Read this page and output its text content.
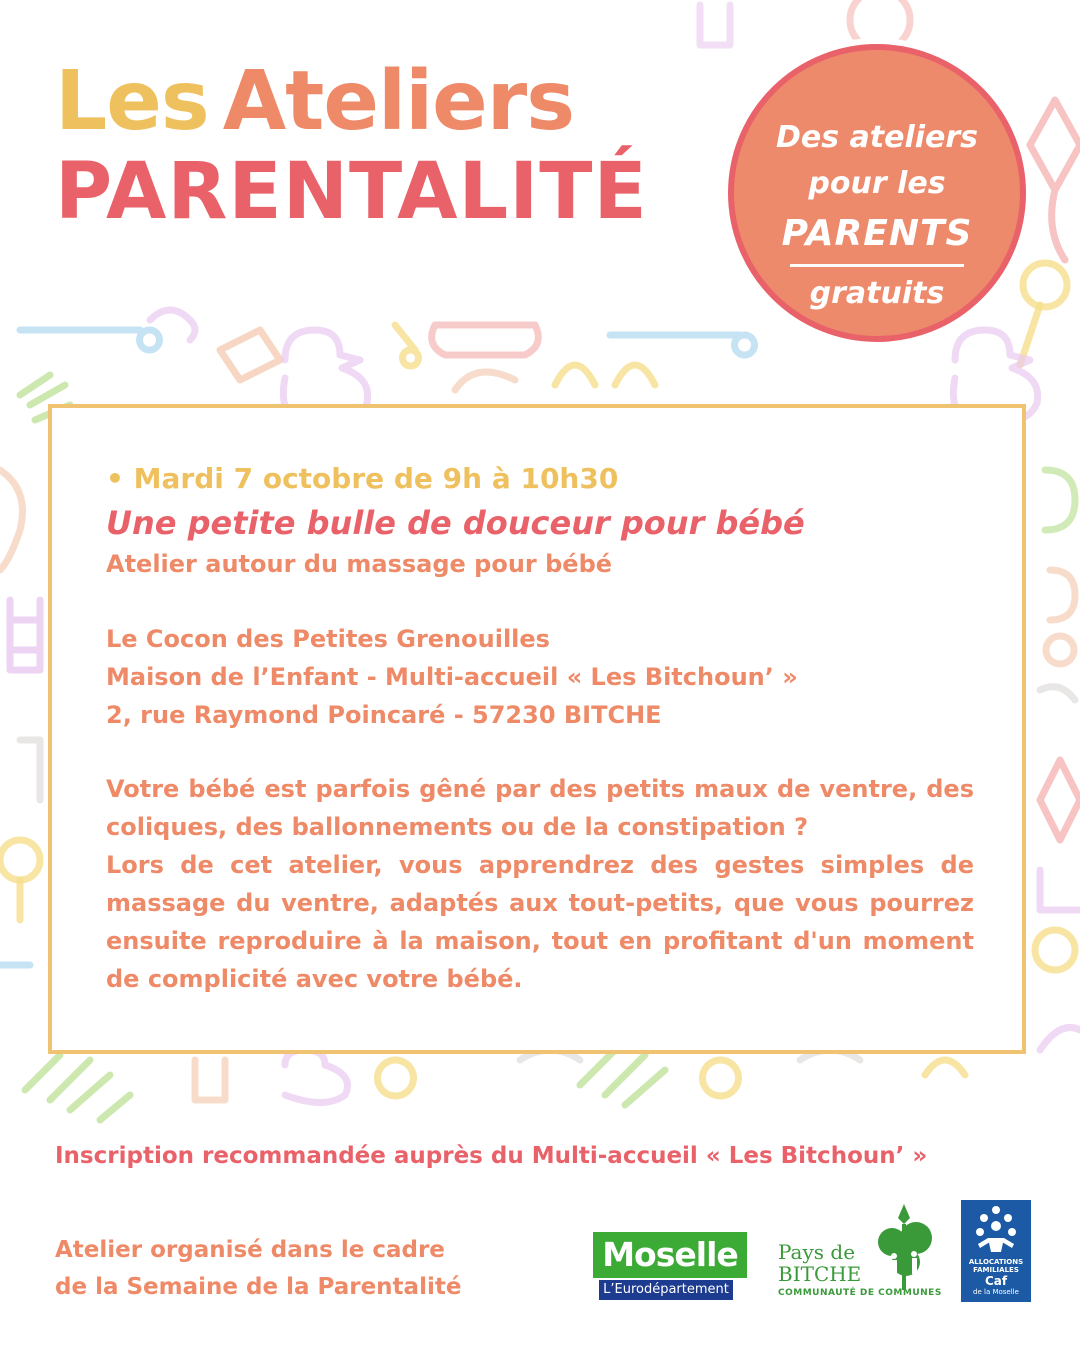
Les Ateliers
PARENTALITÉ
Des ateliers
pour les
PARENTS
gratuits
• Mardi 7 octobre de 9h à 10h30
Une petite bulle de douceur pour bébé
Atelier autour du massage pour bébé
Le Cocon des Petites Grenouilles
Maison de l’Enfant - Multi-accueil « Les Bitchoun’ »
2, rue Raymond Poincaré - 57230 BITCHE

Votre bébé est parfois gêné par des petits maux de ventre, des coliques, des ballonnements ou de la constipation ?

Lors de cet atelier, vous apprendrez des gestes simples de massage du ventre, adaptés aux tout-petits, que vous pourrez ensuite reproduire à la maison, tout en profitant d'un moment de complicité avec votre bébé.

Inscription recommandée auprès du Multi-accueil « Les Bitchoun’ »
Atelier organisé dans le cadre
de la Semaine de la Parentalité
Moselle
L’Eurodépartement
Pays de
BITCHE
COMMUNAUTÉ DE COMMUNES
ALLOCATIONS FAMILIALES
Caf
de la Moselle
